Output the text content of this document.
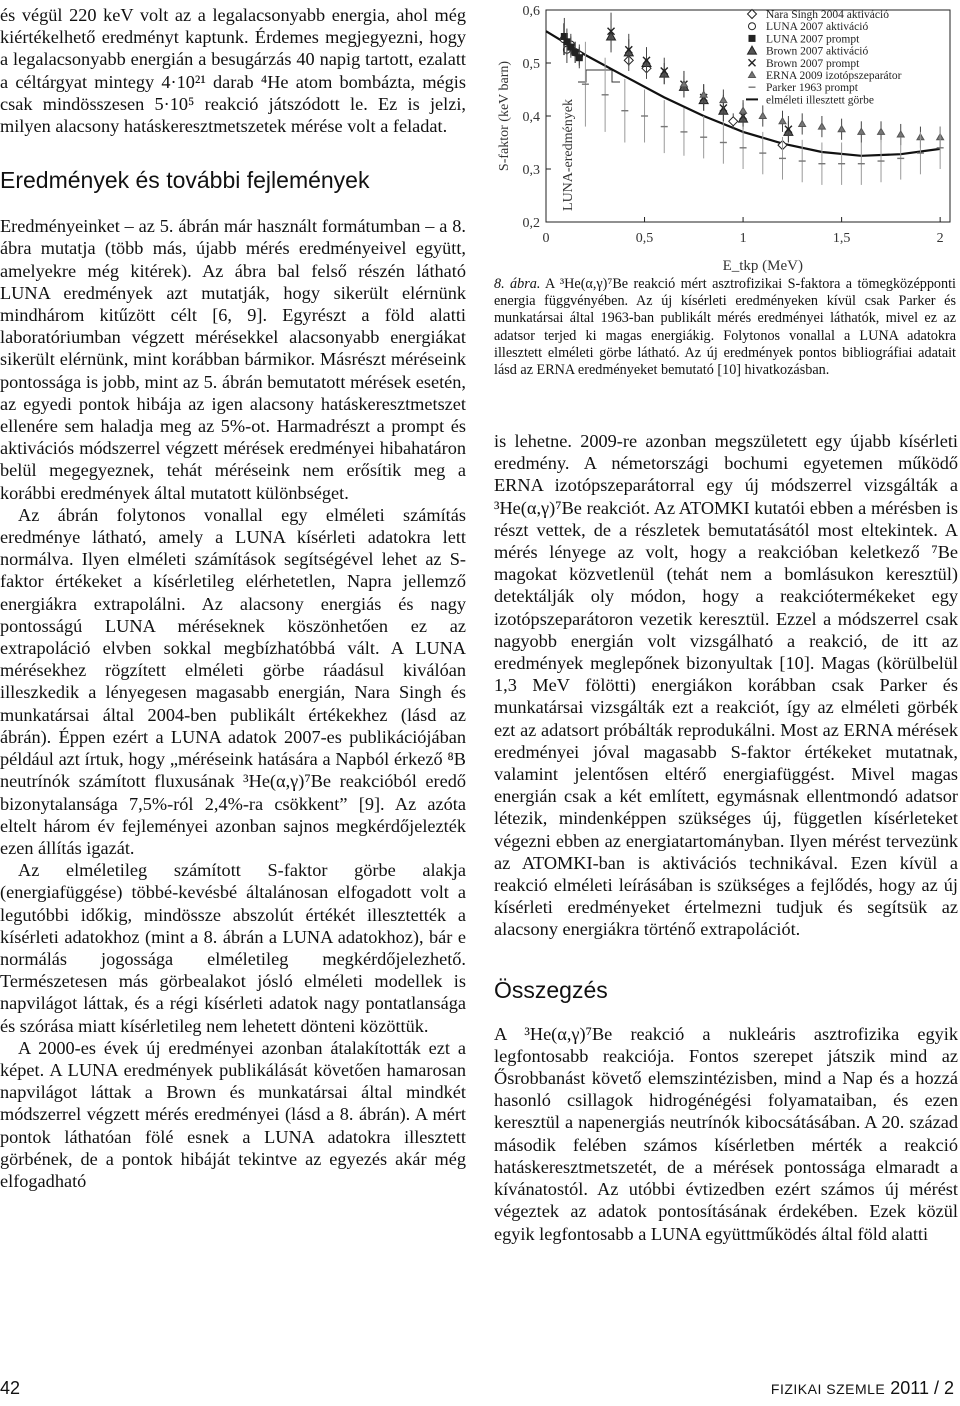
és végül 220 keV volt az a legalacsonyabb energia, ahol még kiértékelhető eredményt kaptunk. Érdemes megjegyezni, hogy a legalacsonyabb energián a besugárzás 40 napig tartott, ezalatt a céltárgyat mintegy 4·10²¹ darab ⁴He atom bombázta, mégis csak mindösszesen 5·10⁵ reakció játszódott le. Ez is jelzi, milyen alacsony hatáskeresztmetszetek mérése volt a feladat.

Eredmények és további fejlemények

Eredményeinket – az 5. ábrán már használt formátumban – a 8. ábra mutatja (több más, újabb mérés eredményeivel együtt, amelyekre még kitérek). Az ábra bal felső részén látható LUNA eredmények azt mutatják, hogy sikerült elérnünk mindhárom kitűzött célt [6, 9]. Egyrészt a föld alatti laboratóriumban végzett mérésekkel alacsonyabb energiákat sikerült elérnünk, mint korábban bármikor. Másrészt méréseink pontossága is jobb, mint az 5. ábrán bemutatott mérések esetén, az egyedi pontok hibája az igen alacsony hatáskeresztmetszet ellenére sem haladja meg az 5%-ot. Harmadrészt a prompt és aktivációs módszerrel végzett mérések eredményei hibahatáron belül megegyeznek, tehát méréseink nem erősítik meg a korábbi eredmények által mutatott különbséget.

Az ábrán folytonos vonallal egy elméleti számítás eredménye látható, amely a LUNA kísérleti adatokra lett normálva. Ilyen elméleti számítások segítségével lehet az S-faktor értékeket a kísérletileg elérhetetlen, Napra jellemző energiákra extrapolálni. Az alacsony energiás és nagy pontosságú LUNA méréseknek köszönhetően ez az extrapoláció elvben sokkal megbízhatóbbá vált. A LUNA mérésekhez rögzített elméleti görbe ráadásul kiválóan illeszkedik a lényegesen magasabb energián, Nara Singh és munkatársai által 2004-ben publikált értékekhez (lásd az ábrán). Éppen ezért a LUNA adatok 2007-es publikációjában például azt írtuk, hogy „méréseink hatására a Napból érkező ⁸B neutrínók számított fluxusának ³He(α,γ)⁷Be reakcióból eredő bizonytalansága 7,5%-ról 2,4%-ra csökkent” [9]. Az azóta eltelt három év fejleményei azonban sajnos megkérdőjelezték ezen állítás igazát.

Az elméletileg számított S-faktor görbe alakja (energiafüggése) többé-kevésbé általánosan elfogadott volt a legutóbbi időkig, mindössze abszolút értékét illesztették a kísérleti adatokhoz (mint a 8. ábrán a LUNA adatokhoz), bár e normálás jogossága elméletileg megkérdőjelezhető. Természetesen más görbealakot jósló elméleti modellek is napvilágot láttak, és a régi kísérleti adatok nagy pontatlansága és szórása miatt kísérletileg nem lehetett dönteni közöttük.

A 2000-es évek új eredményei azonban átalakították ezt a képet. A LUNA eredmények publikálását követően hamarosan napvilágot láttak a Brown és munkatársai által mindkét módszerrel végzett mérés eredményei (lásd a 8. ábrán). A mért pontok láthatóan fölé esnek a LUNA adatokra illesztett görbének, de a pontok hibáját tekintve az egyezés akár még elfogadható

0	0,5	1	1,5	2
0,2
0,3
0,4
0,5
0,6
E_tkp (MeV)
S-faktor (keV barn)	LUNA-eredmények
Nara Singh 2004 aktiváció
LUNA 2007 aktiváció
LUNA 2007 prompt
Brown 2007 aktiváció
Brown 2007 prompt
ERNA 2009 izotópszeparátor
Parker 1963 prompt
elméleti illesztett görbe

8. ábra. A ³He(α,γ)⁷Be reakció mért asztrofizikai S-faktora a tömegközépponti energia függvényében. Az új kísérleti eredményeken kívül csak Parker és munkatársai által 1963-ban publikált mérés eredményei láthatók, mivel ez az adatsor terjed ki magas energiákig. Folytonos vonallal a LUNA adatokra illesztett elméleti görbe látható. Az új eredmények pontos bibliográfiai adatait lásd az ERNA eredményeket bemutató [10] hivatkozásban.

is lehetne. 2009-re azonban megszületett egy újabb kísérleti eredmény. A németországi bochumi egyetemen működő ERNA izotópszeparátorral egy új módszerrel vizsgálták a ³He(α,γ)⁷Be reakciót. Az ATOMKI kutatói ebben a mérésben is részt vettek, de a részletek bemutatásától most eltekintek. A mérés lényege az volt, hogy a reakcióban keletkező ⁷Be magokat közvetlenül (tehát nem a bomlásukon keresztül) detektálják oly módon, hogy a reakciótermékeket egy izotópszeparátoron vezetik keresztül. Ezzel a módszerrel csak nagyobb energián volt vizsgálható a reakció, de itt az eredmények meglepőnek bizonyultak [10]. Magas (körülbelül 1,3 MeV fölötti) energiákon korábban csak Parker és munkatársai vizsgálták ezt a reakciót, így az elméleti görbék ezt az adatsort próbálták reprodukálni. Most az ERNA mérések eredményei jóval magasabb S-faktor értékeket mutatnak, valamint jelentősen eltérő energiafüggést. Mivel magas energián csak a két említett, egymásnak ellentmondó adatsor létezik, mindenképpen szükséges új, független kísérleteket végezni ebben az energiatartományban. Ilyen mérést tervezünk az ATOMKI-ban is aktivációs technikával. Ezen kívül a reakció elméleti leírásában is szükséges a fejlődés, hogy az új kísérleti eredményeket értelmezni tudjuk és segítsük az alacsony energiákra történő extrapolációt.

Összegzés

A ³He(α,γ)⁷Be reakció a nukleáris asztrofizika egyik legfontosabb reakciója. Fontos szerepet játszik mind az Ősrobbanást követő elemszintézisben, mind a Nap és a hozzá hasonló csillagok hidrogénégési folyamataiban, és ezen keresztül a napenergiás neutrínók kibocsátásában. A 20. század második felében számos kísérletben mérték a reakció hatáskeresztmetszetét, de a mérések pontossága elmaradt a kívánatostól. Az utóbbi évtizedben ezért számos új mérést végeztek az adatok pontosításának érdekében. Ezek közül egyik legfontosabb a LUNA együttműködés által föld alatti

42	FIZIKAI SZEMLE 2011 / 2
